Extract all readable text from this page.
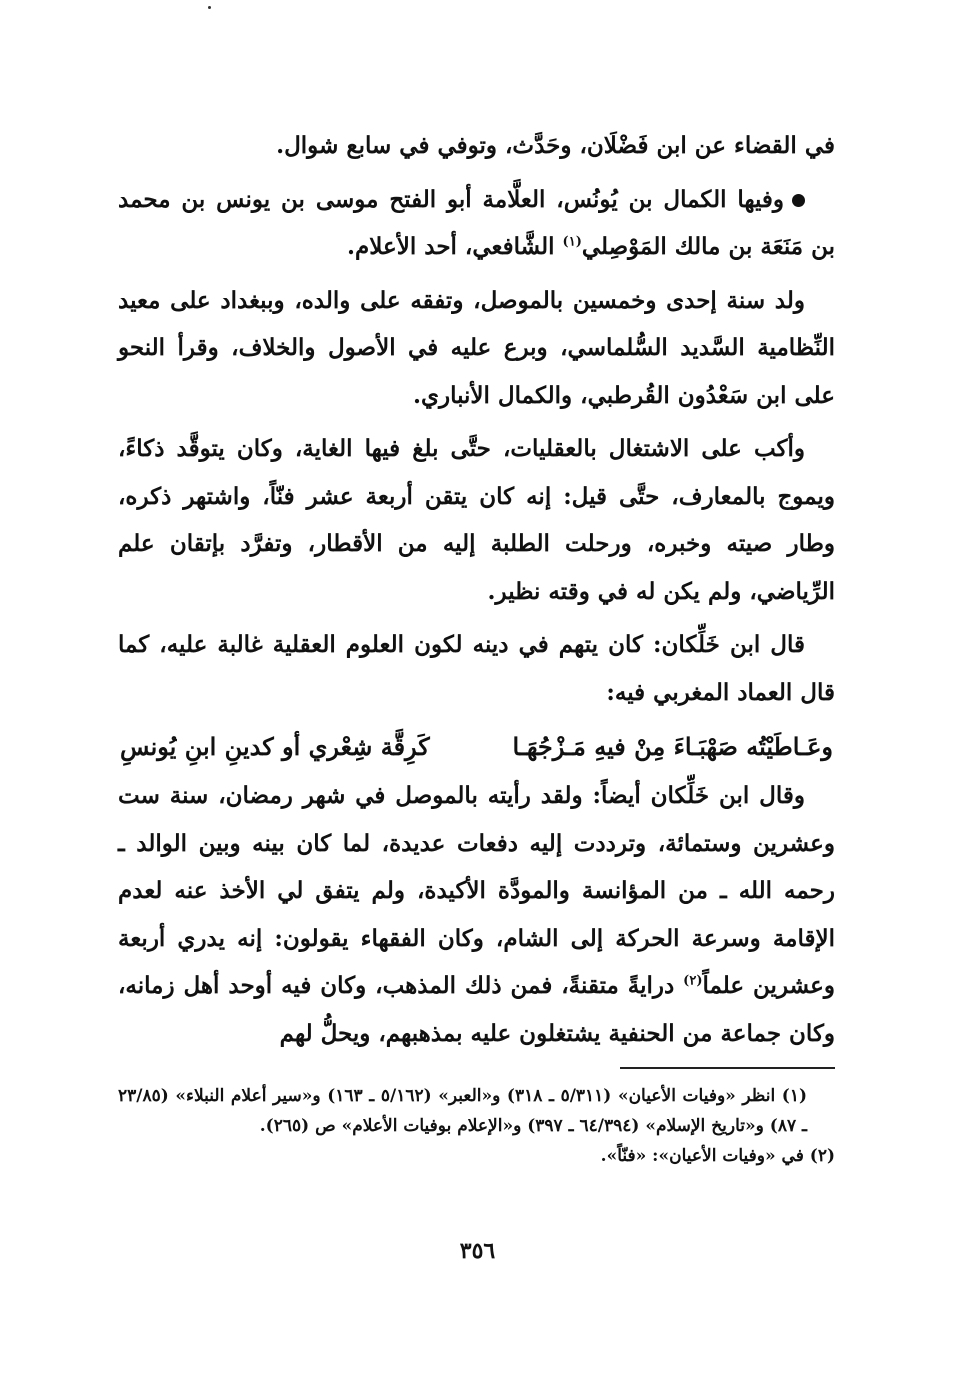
في القضاء عن ابن فَضْلَان، وحَدَّث، وتوفي في سابع شوال.

وفيها الكمال بن يُونُس، العلَّامة أبو الفتح موسى بن يونس بن محمد بن مَنَعَة بن مالك المَوْصِلي$^{(١)}$ الشَّافعي، أحد الأعلام.

ولد سنة إحدى وخمسين بالموصل، وتفقه على والده، وببغداد على معيد النِّظامية السَّديد السُّلماسي، وبرع عليه في الأصول والخلاف، وقرأ النحو على ابن سَعْدُون القُرطبي، والكمال الأنباري.

وأكب على الاشتغال بالعقليات، حتَّى بلغ فيها الغاية، وكان يتوقَّد ذكاءً، ويموج بالمعارف، حتَّى قيل: إنه كان يتقن أربعة عشر فنّاً، واشتهر ذكره، وطار صيته وخبره، ورحلت الطلبة إليه من الأقطار، وتفرَّد بإتقان علم الرِّياضي، ولم يكن له في وقته نظير.

قال ابن خَلِّكان: كان يتهم في دينه لكون العلوم العقلية غالبة عليه، كما قال العماد المغربي فيه:

وعَـاطَيْتُه صَهْبَـاءَ مِنْ فيهِ مَـزْجُهَـا
كَرِقَّة شِعْري أو كدينِ ابنِ يُونسِ

وقال ابن خَلِّكان أيضاً: ولقد رأيته بالموصل في شهر رمضان، سنة ست وعشرين وستمائة، وترددت إليه دفعات عديدة، لما كان بينه وبين الوالد ـ رحمه الله ـ من المؤانسة والمودَّة الأكيدة، ولم يتفق لي الأخذ عنه لعدم الإقامة وسرعة الحركة إلى الشام، وكان الفقهاء يقولون: إنه يدري أربعة وعشرين علماً$^{(٢)}$ درايةً متقنةً، فمن ذلك المذهب، وكان فيه أوحد أهل زمانه، وكان جماعة من الحنفية يشتغلون عليه بمذهبهم، ويحلُّ لهم

(١) انظر «وفيات الأعيان» (٥/٣١١ ـ ٣١٨) و«العبر» (٥/١٦٢ ـ ١٦٣) و«سير أعلام النبلاء» (٢٣/٨٥ ـ ٨٧) و«تاريخ الإسلام» (٦٤/٣٩٤ ـ ٣٩٧) و«الإعلام بوفيات الأعلام» ص (٢٦٥).

(٢) في «وفيات الأعيان»: «فنّاً».

٣٥٦
